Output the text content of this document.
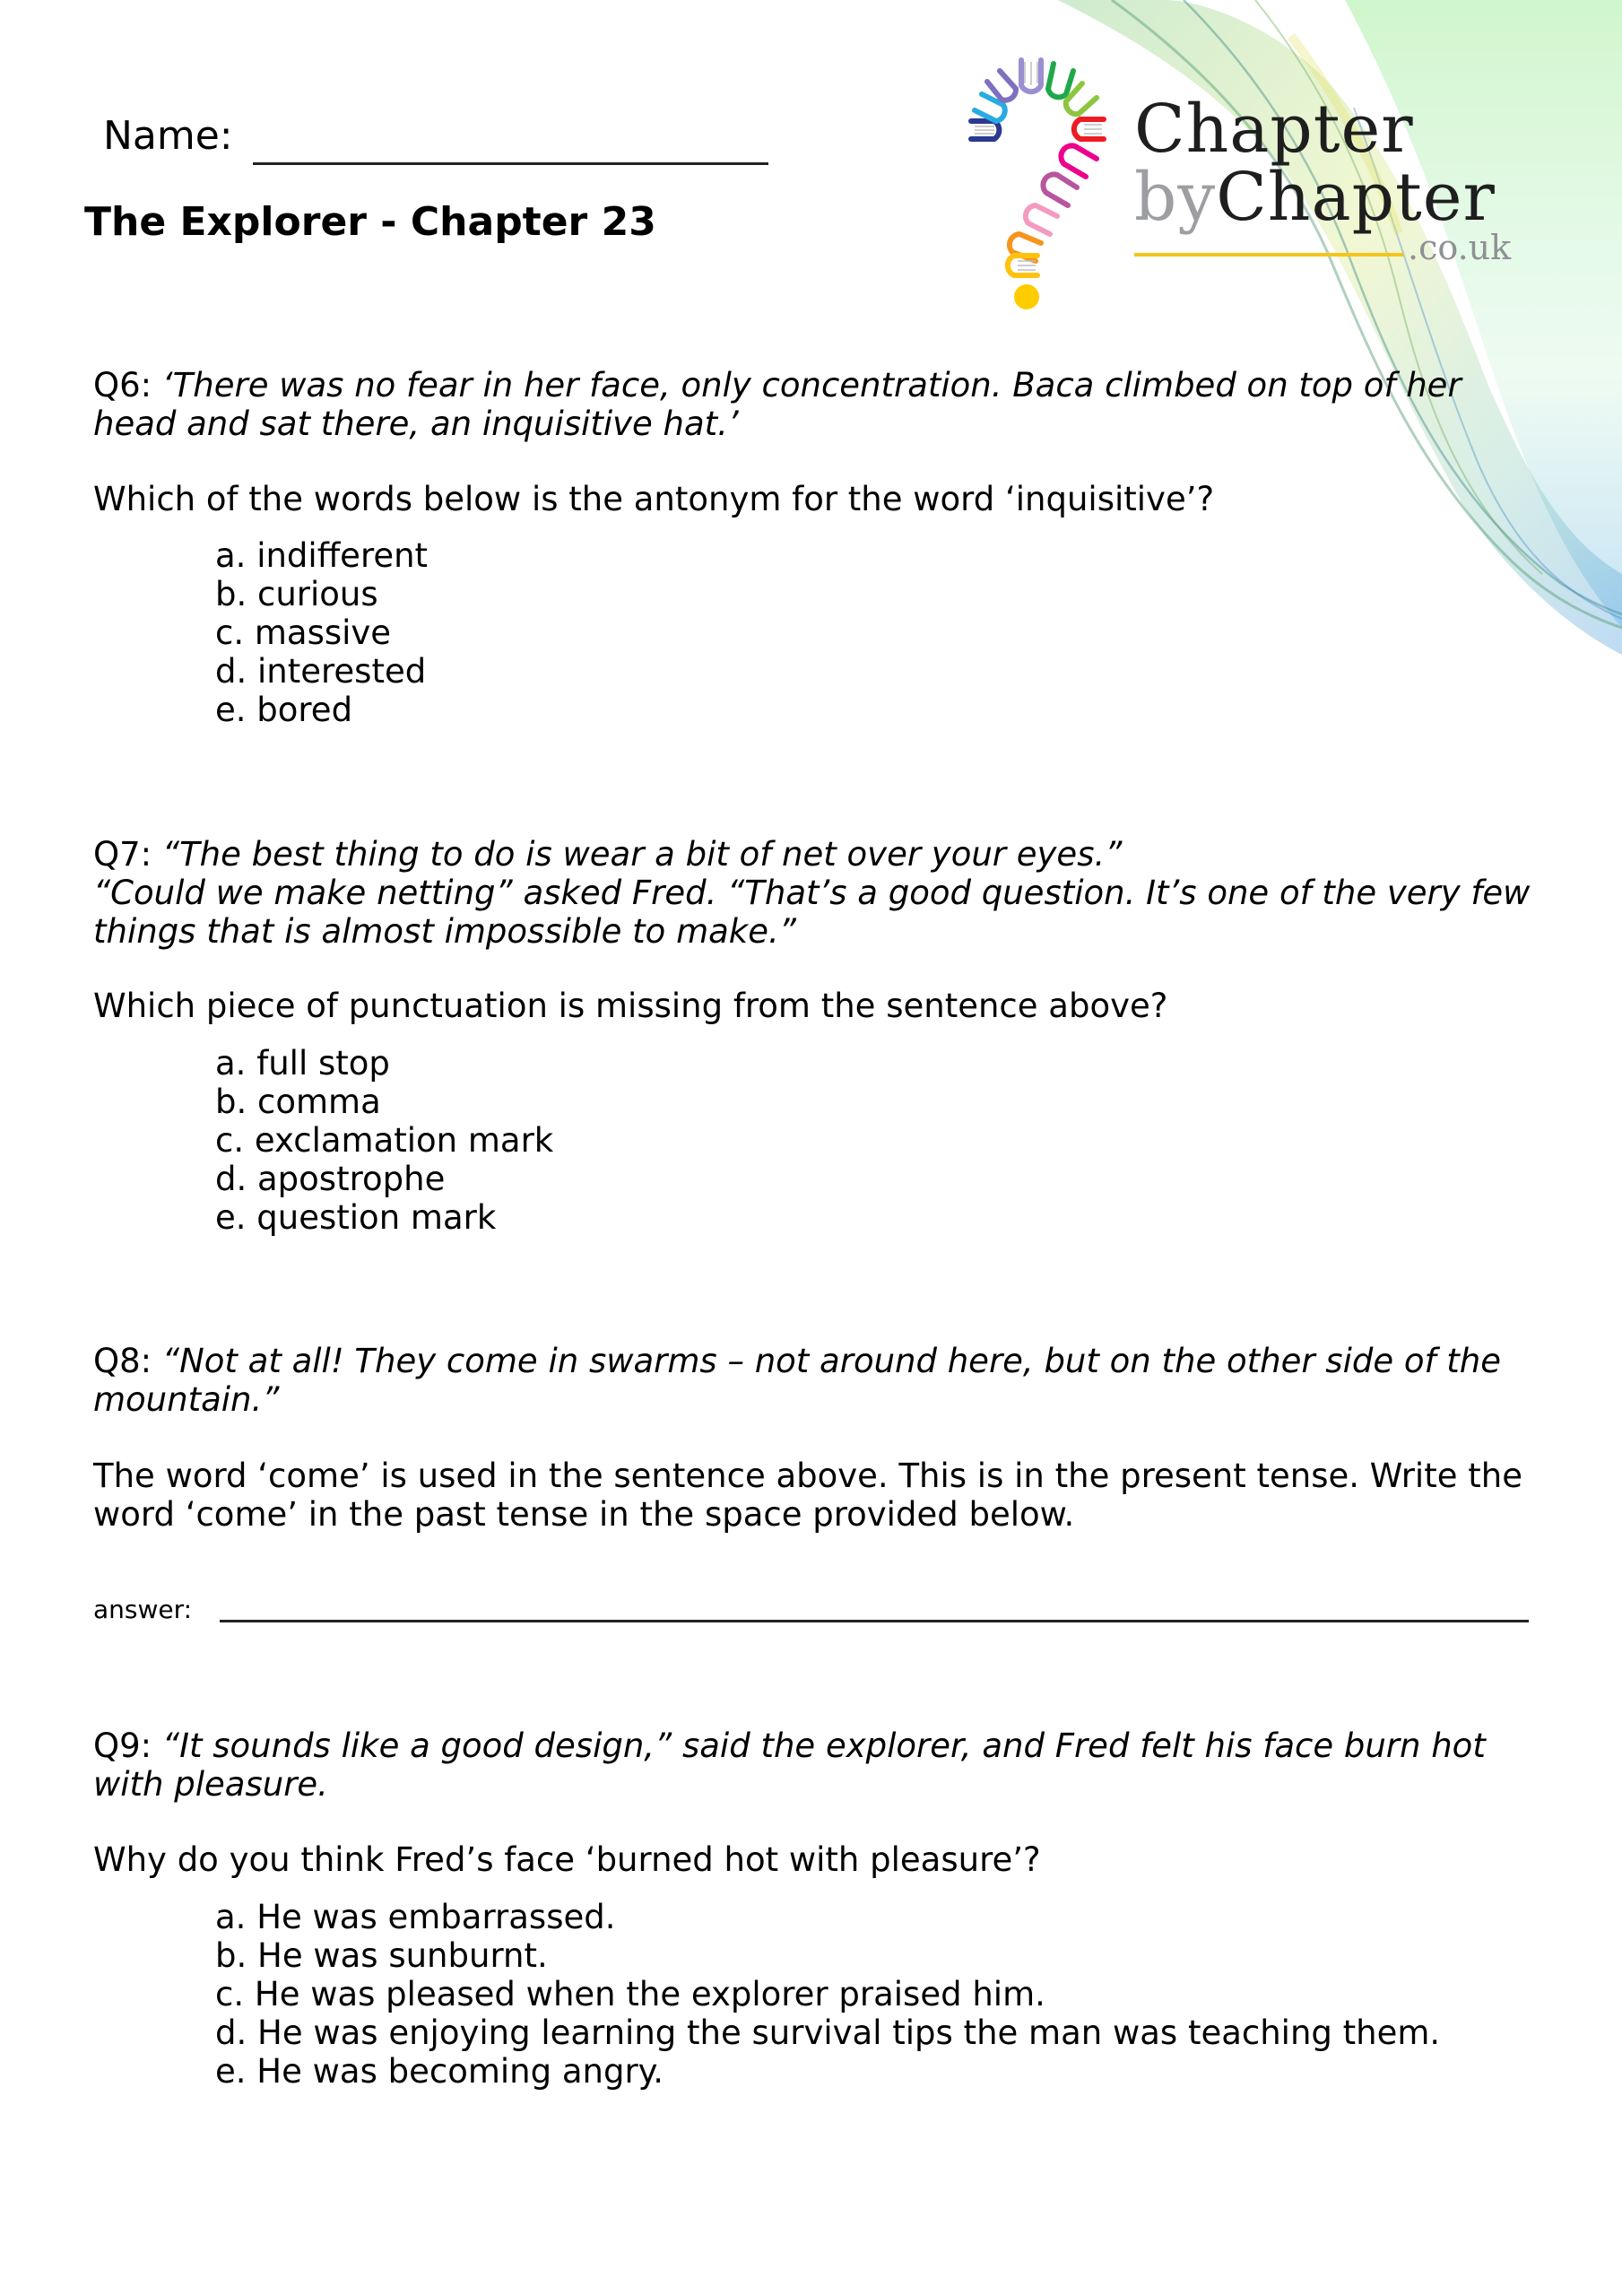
Chapter
byChapter
.co.uk
Name:
The Explorer - Chapter 23
Q6: ‘There was no fear in her face, only concentration. Baca climbed on top of her head and sat there, an inquisitive hat.’
Which of the words below is the antonym for the word ‘inquisitive’?
a. indifferent
b. curious
c. massive
d. interested
e. bored
Q7: “The best thing to do is wear a bit of net over your eyes.”
“Could we make netting” asked Fred. “That’s a good question. It’s one of the very few things that is almost impossible to make.”
Which piece of punctuation is missing from the sentence above?
a. full stop
b. comma
c. exclamation mark
d. apostrophe
e. question mark
Q8: “Not at all! They come in swarms – not around here, but on the other side of the mountain.”
The word ‘come’ is used in the sentence above. This is in the present tense. Write the word ‘come’ in the past tense in the space provided below.
answer:
Q9: “It sounds like a good design,” said the explorer, and Fred felt his face burn hot with pleasure.
Why do you think Fred’s face ‘burned hot with pleasure’?
a. He was embarrassed.
b. He was sunburnt.
c. He was pleased when the explorer praised him.
d. He was enjoying learning the survival tips the man was teaching them.
e. He was becoming angry.
